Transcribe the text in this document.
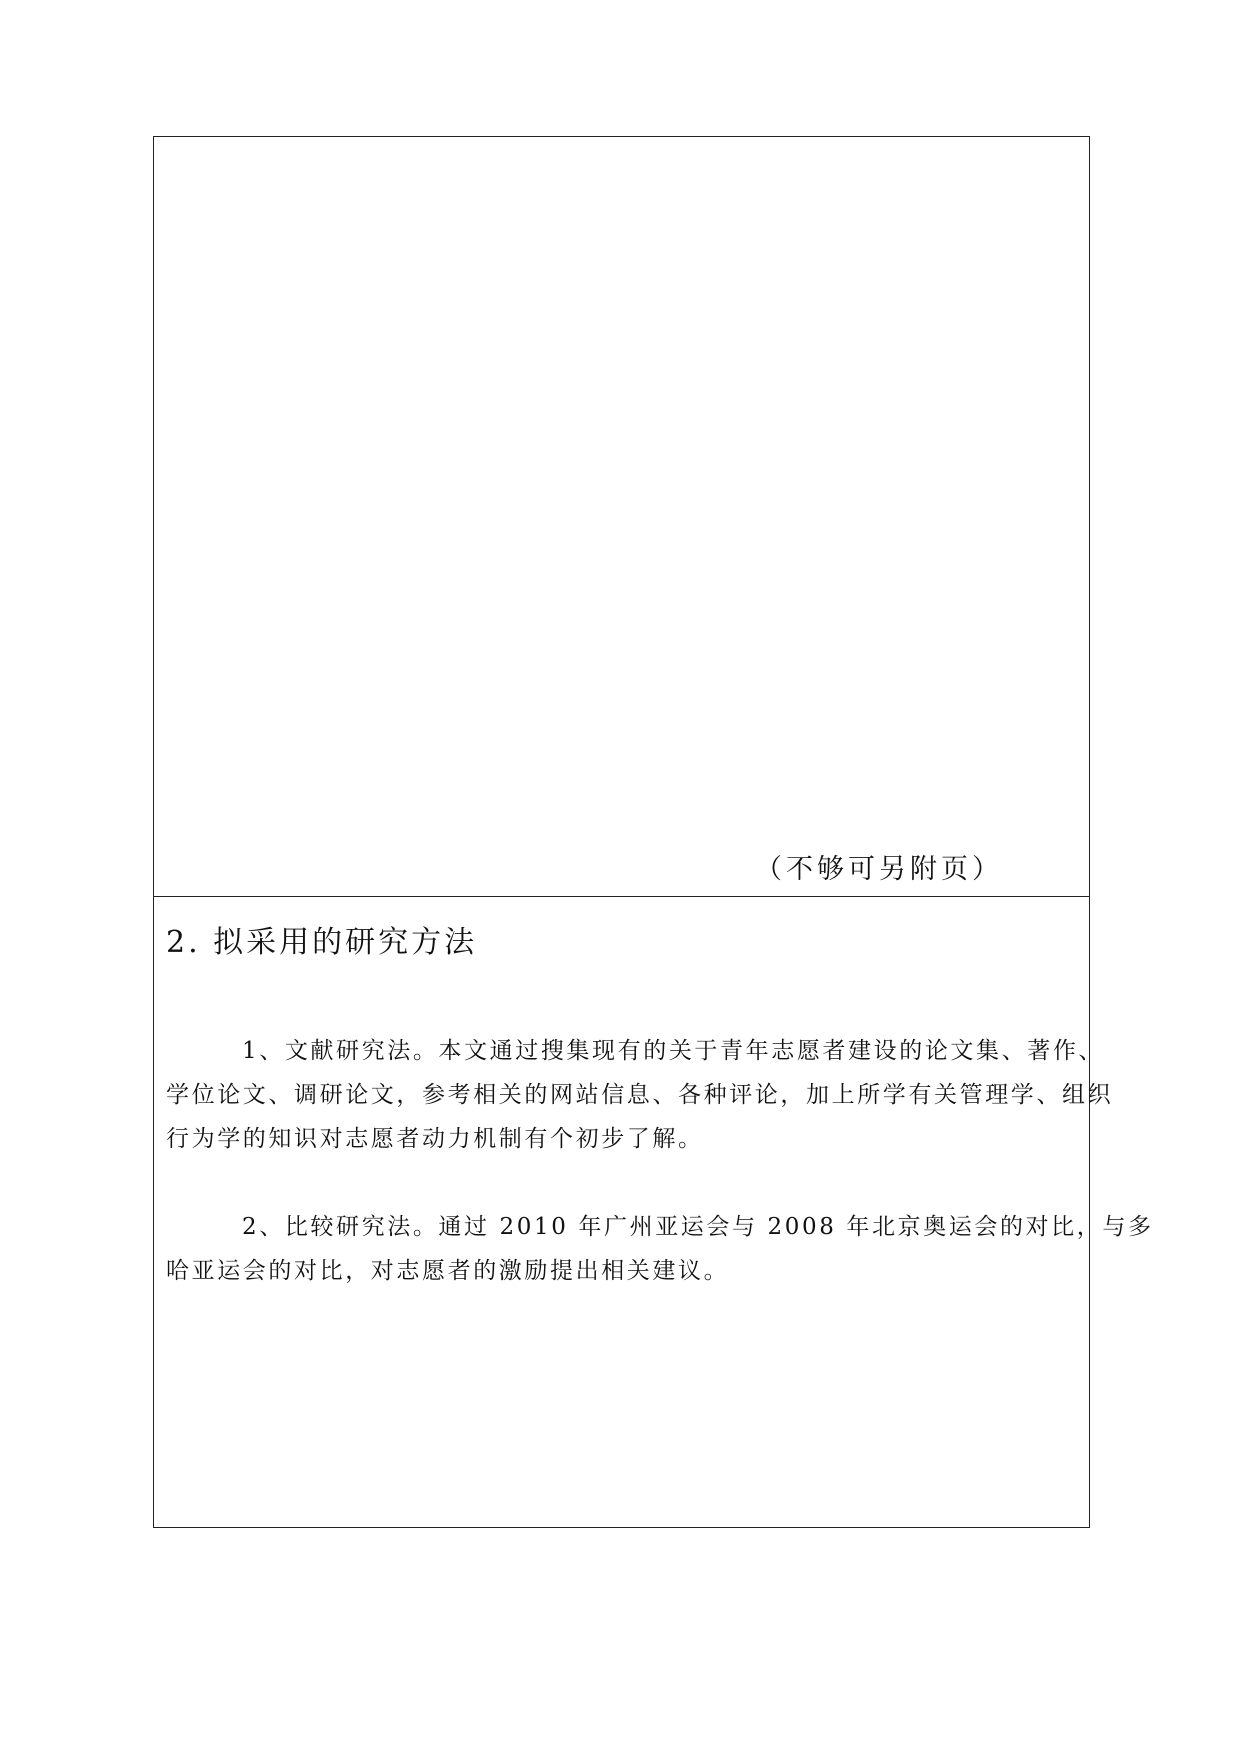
（不够可另附页）
2. 拟采用的研究方法

1、文献研究法。本文通过搜集现有的关于青年志愿者建设的论文集、著作、
学位论文、调研论文，参考相关的网站信息、各种评论，加上所学有关管理学、组织
行为学的知识对志愿者动力机制有个初步了解。

2、比较研究法。通过 2010 年广州亚运会与 2008 年北京奥运会的对比，与多
哈亚运会的对比，对志愿者的激励提出相关建议。
